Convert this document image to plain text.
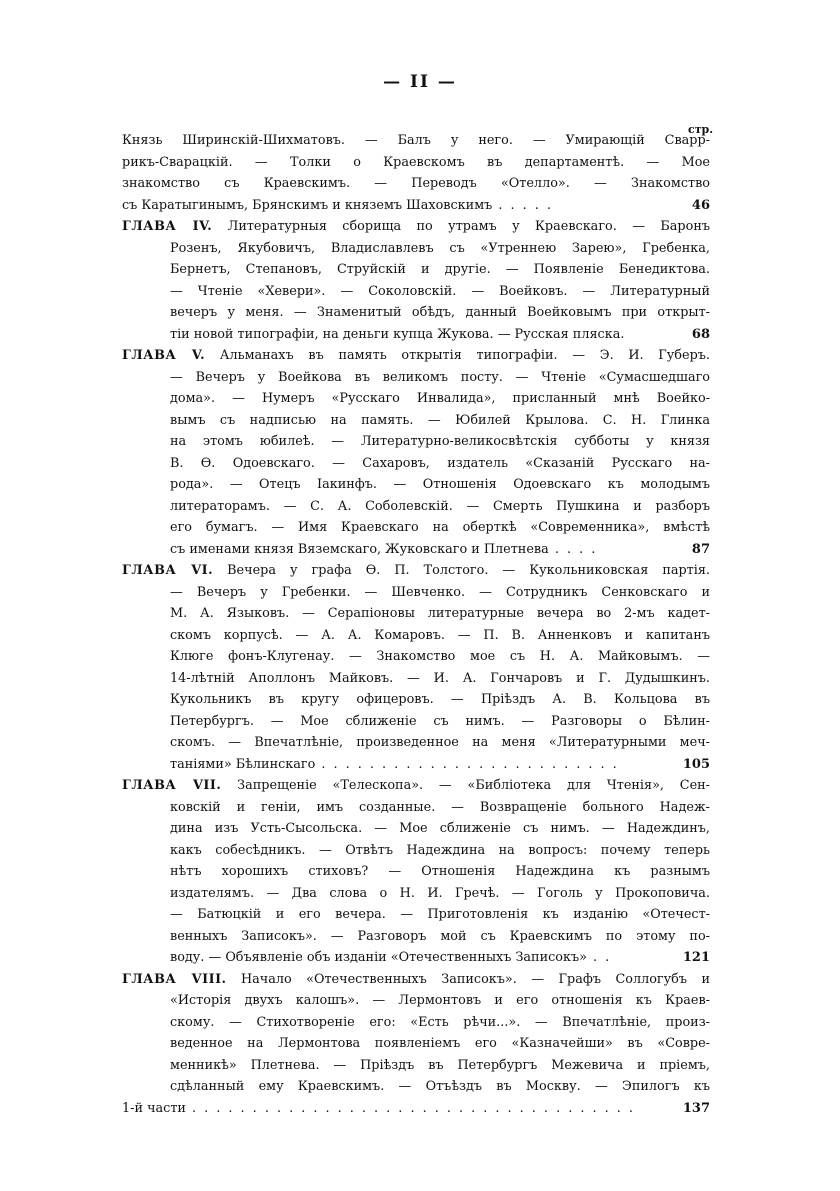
— II —
стр.
Князь Ширинскій-Шихматовъ. — Балъ у него. — Умирающій Сварр-
рикъ-Сварацкій. — Толки о Краевскомъ въ департаментѣ. — Мое
знакомство съ Краевскимъ. — Переводъ «Отелло». — Знакомство
съ Каратыгинымъ, Брянскимъ и княземъ Шаховскимъ . . . . .	46
ГЛАВА IV. Литературныя сборища по утрамъ у Краевскаго. — Баронъ
Розенъ, Якубовичъ, Владиславлевъ съ «Утреннею Зарею», Гребенка,
Бернетъ, Степановъ, Струйскій и другіе. — Появленіе Бенедиктова.
— Чтеніе «Хевери». — Соколовскій. — Воейковъ. — Литературный
вечеръ у меня. — Знаменитый обѣдъ, данный Воейковымъ при открыт-
тіи новой типографіи, на деньги купца Жукова. — Русская пляска.	68
ГЛАВА V. Альманахъ въ память открытія типографіи. — Э. И. Губеръ.
— Вечеръ у Воейкова въ великомъ посту. — Чтеніе «Сумасшедшаго
дома». — Нумеръ «Русскаго Инвалида», присланный мнѣ Воейко-
вымъ съ надписью на память. — Юбилей Крылова. С. Н. Глинка
на этомъ юбилеѣ. — Литературно-великосвѣтскія субботы у князя
В. Ѳ. Одоевскаго. — Сахаровъ, издатель «Сказаній Русскаго на-
рода». — Отецъ Іакинфъ. — Отношенія Одоевскаго къ молодымъ
литераторамъ. — С. А. Соболевскій. — Смерть Пушкина и разборъ
его бумагъ. — Имя Краевскаго на оберткѣ «Современника», вмѣстѣ
съ именами князя Вяземскаго, Жуковскаго и Плетнева . . . .	87
ГЛАВА VI. Вечера у графа Ѳ. П. Толстого. — Кукольниковская партія.
— Вечеръ у Гребенки. — Шевченко. — Сотрудникъ Сенковскаго и
М. А. Языковъ. — Серапіоновы литературные вечера во 2-мъ кадет-
скомъ корпусѣ. — А. А. Комаровъ. — П. В. Анненковъ и капитанъ
Клюге фонъ-Клугенау. — Знакомство мое съ Н. А. Майковымъ. —
14-лѣтній Аполлонъ Майковъ. — И. А. Гончаровъ и Г. Дудышкинъ.
Кукольникъ въ кругу офицеровъ. — Пріѣздъ А. В. Кольцова въ
Петербургъ. — Мое сближеніе съ нимъ. — Разговоры о Бѣлин-
скомъ. — Впечатлѣніе, произведенное на меня «Литературными меч-
таніями» Бѣлинскаго . . . . . . . . . . . . . . . . . . . . . . . . .	105
ГЛАВА VII. Запрещеніе «Телескопа». — «Библіотека для Чтенія», Сен-
ковскій и геніи, имъ созданные. — Возвращеніе больного Надеж-
дина изъ Усть-Сысольска. — Мое сближеніе съ нимъ. — Надеждинъ,
какъ собесѣдникъ. — Отвѣтъ Надеждина на вопросъ: почему теперь
нѣтъ хорошихъ стиховъ? — Отношенія Надеждина къ разнымъ
издателямъ. — Два слова о Н. И. Гречѣ. — Гоголь у Прокоповича.
— Батюцкій и его вечера. — Приготовленія къ изданію «Отечест-
венныхъ Записокъ». — Разговоръ мой съ Краевскимъ по этому по-
воду. — Объявленіе объ изданіи «Отечественныхъ Записокъ» . .	121
ГЛАВА VIII. Начало «Отечественныхъ Записокъ». — Графъ Соллогубъ и
«Исторія двухъ калошъ». — Лермонтовъ и его отношенія къ Краев-
скому. — Стихотвореніе его: «Есть рѣчи...». — Впечатлѣніе, произ-
веденное на Лермонтова появленіемъ его «Казначейши» въ «Совре-
менникѣ» Плетнева. — Пріѣздъ въ Петербургъ Межевича и пріемъ,
сдѣланный ему Краевскимъ. — Отъѣздъ въ Москву. — Эпилогъ къ
1-й части . . . . . . . . . . . . . . . . . . . . . . . . . . . . . . . . . . . . .	137
